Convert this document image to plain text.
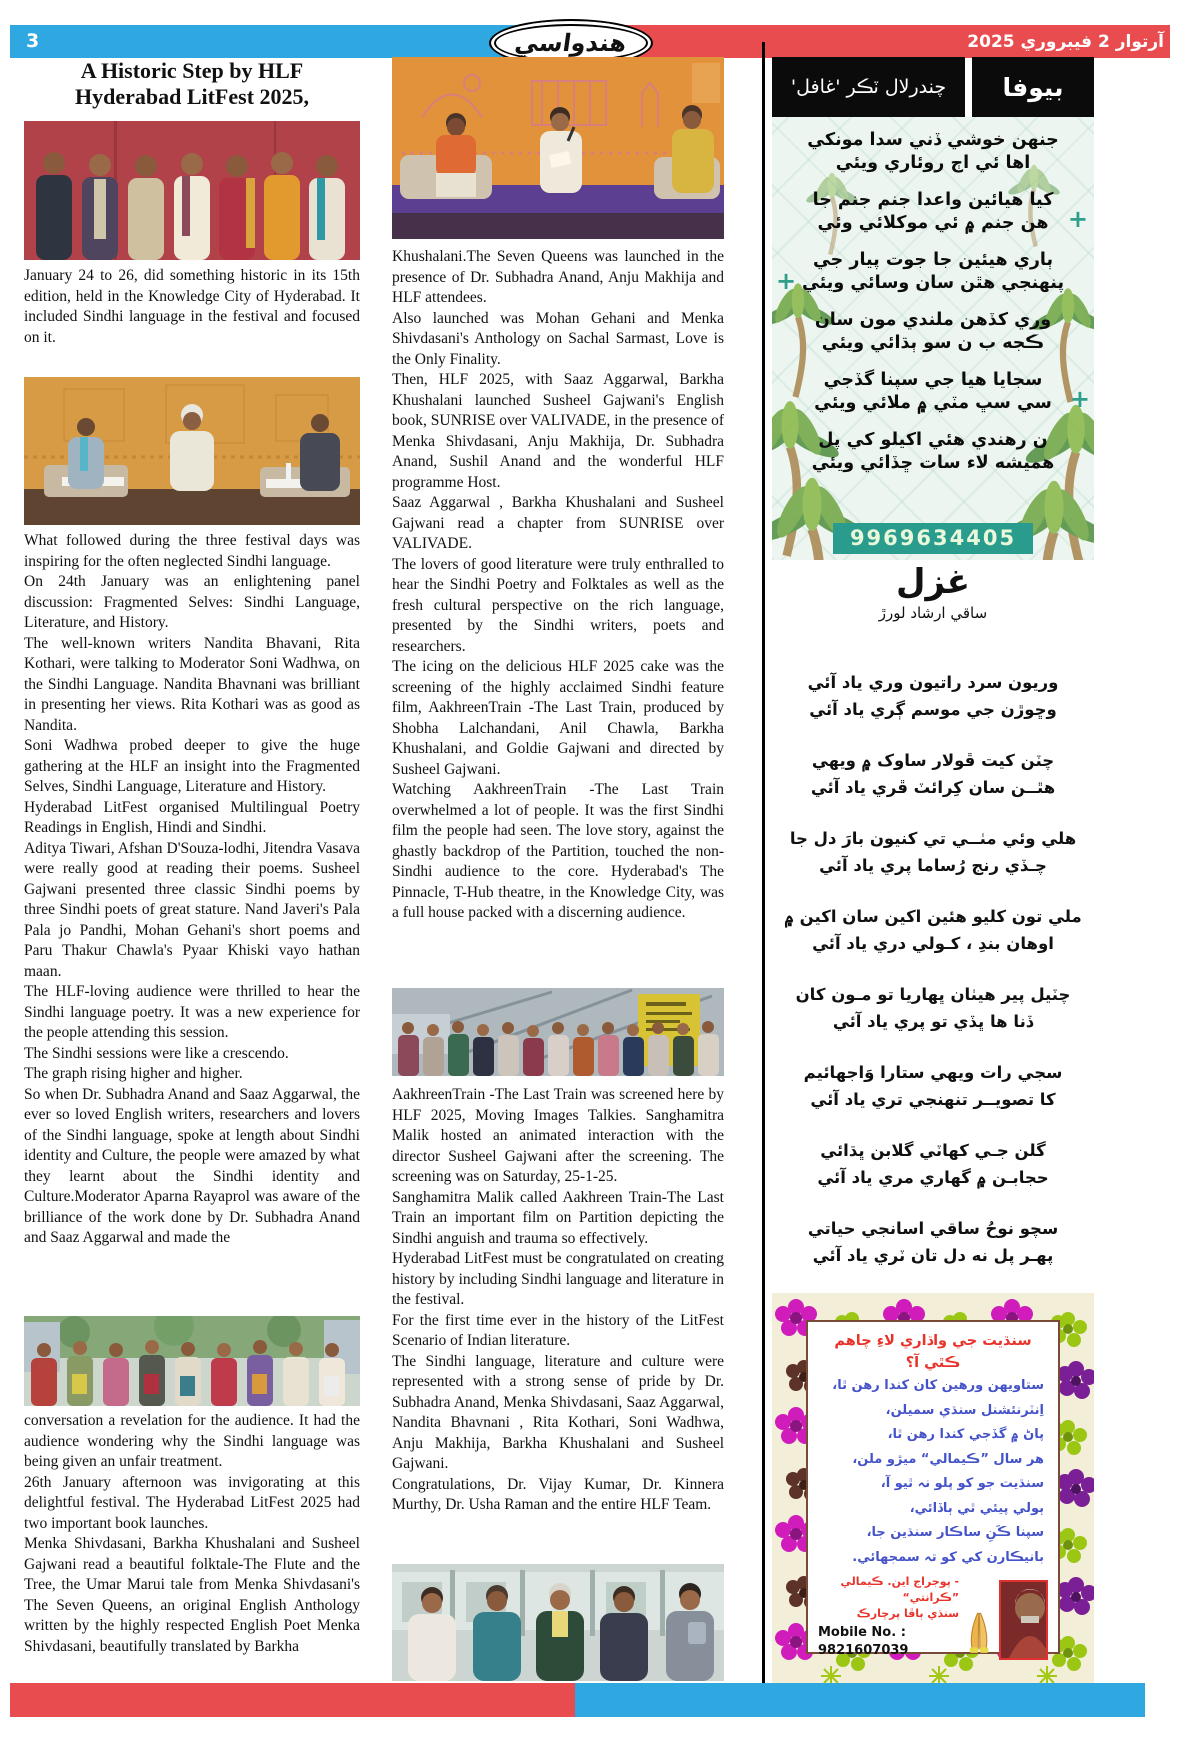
3	هندواسي	آرتوار 2 فيبروري 2025
A Historic Step by HLF
Hyderabad LitFest 2025,

January 24 to 26, did something historic in its 15th edition, held in the Knowledge City of Hyderabad. It included Sindhi language in the festival and focused on it.

What followed during the three festival days was inspiring for the often neglected Sindhi language.

On 24th January was an enlightening panel discussion: Fragmented Selves: Sindhi Language, Literature, and History.

The well-known writers Nandita Bhavani, Rita Kothari, were talking to Moderator Soni Wadhwa, on the Sindhi Language. Nandita Bhavnani was brilliant in presenting her views. Rita Kothari was as good as Nandita.

Soni Wadhwa probed deeper to give the huge gathering at the HLF an insight into the Fragmented Selves, Sindhi Language, Literature and History.

Hyderabad LitFest organised Multilingual Poetry Readings in English, Hindi and Sindhi.

Aditya Tiwari, Afshan D'Souza-lodhi, Jitendra Vasava were really good at reading their poems. Susheel Gajwani presented three classic Sindhi poems by three Sindhi poets of great stature. Nand Javeri's Pala Pala jo Pandhi, Mohan Gehani's short poems and Paru Thakur Chawla's Pyaar Khiski vayo hathan maan.

The HLF-loving audience were thrilled to hear the Sindhi language poetry. It was a new experience for the people attending this session.

The Sindhi sessions were like a crescendo.

The graph rising higher and higher.

So when Dr. Subhadra Anand and Saaz Aggarwal, the ever so loved English writers, researchers and lovers of the Sindhi language, spoke at length about Sindhi identity and Culture, the people were amazed by what they learnt about the Sindhi identity and Culture.Moderator Aparna Rayaprol was aware of the brilliance of the work done by Dr. Subhadra Anand and Saaz Aggarwal and made the

conversation a revelation for the audience. It had the audience wondering why the Sindhi language was being given an unfair treatment.

26th January afternoon was invigorating at this delightful festival. The Hyderabad LitFest 2025 had two important book launches.

Menka Shivdasani, Barkha Khushalani and Susheel Gajwani read a beautiful folktale-The Flute and the Tree, the Umar Marui tale from Menka Shivdasani's The Seven Queens, an original English Anthology written by the highly respected English Poet Menka Shivdasani, beautifully translated by Barkha

Khushalani.The Seven Queens was launched in the presence of Dr. Subhadra Anand, Anju Makhija and HLF attendees.

Also launched was Mohan Gehani and Menka Shivdasani's Anthology on Sachal Sarmast, Love is the Only Finality.

Then, HLF 2025, with Saaz Aggarwal, Barkha Khushalani launched Susheel Gajwani's English book, SUNRISE over VALIVADE, in the presence of Menka Shivdasani, Anju Makhija, Dr. Subhadra Anand, Sushil Anand and the wonderful HLF programme Host.

Saaz Aggarwal , Barkha Khushalani and Susheel Gajwani read a chapter from SUNRISE over VALIVADE.

The lovers of good literature were truly enthralled to hear the Sindhi Poetry and Folktales as well as the fresh cultural perspective on the rich language, presented by the Sindhi writers, poets and researchers.

The icing on the delicious HLF 2025 cake was the screening of the highly acclaimed Sindhi feature film, AakhreenTrain -The Last Train, produced by Shobha Lalchandani, Anil Chawla, Barkha Khushalani, and Goldie Gajwani and directed by Susheel Gajwani.

Watching AakhreenTrain -The Last Train overwhelmed a lot of people. It was the first Sindhi film the people had seen. The love story, against the ghastly backdrop of the Partition, touched the non-Sindhi audience to the core. Hyderabad's The Pinnacle, T-Hub theatre, in the Knowledge City, was a full house packed with a discerning audience.

AakhreenTrain -The Last Train was screened here by HLF 2025, Moving Images Talkies. Sanghamitra Malik hosted an animated interaction with the director Susheel Gajwani after the screening. The screening was on Saturday, 25-1-25.

Sanghamitra Malik called Aakhreen Train-The Last Train an important film on Partition depicting the Sindhi anguish and trauma so effectively.

Hyderabad LitFest must be congratulated on creating history by including Sindhi language and literature in the festival.

For the first time ever in the history of the LitFest Scenario of Indian literature.

The Sindhi language, literature and culture were represented with a strong sense of pride by Dr. Subhadra Anand, Menka Shivdasani, Saaz Aggarwal, Nandita Bhavnani , Rita Kothari, Soni Wadhwa, Anju Makhija, Barkha Khushalani and Susheel Gajwani.

Congratulations, Dr. Vijay Kumar, Dr. Kinnera Murthy, Dr. Usha Raman and the entire HLF Team.

بيوفا
چندرلال ٽڪر 'غافل'
+
+
+
جنهن خوشي ڏني سدا مونكي
اها ئي اڄ روئاري ويئي
كيا هيائين واعدا جنم جنم جا
هن جنم ۾ ئي موكلائي وئي
ٻاري هيئين جا جوت پيار جي
پنهنجي هٿن سان وسائي ويئي
وري كڏهن ملندي مون سان
ڪجه ب ن سو ٻڌائي ويئي
سجايا هيا جي سپنا گڏجي
سي سڀ مٽي ۾ ملائي ويئي
ن رهندي هئي اكيلو كي پل
هميشه لاء سات ڇڏائي ويئي
9969634405
غزل
ساقي ارشاد لورڙ
وريون سرد راتيون وري ياد آئي
وڇوڙن جي موسم ڳري ياد آئي
چٽن كيت ڦولار ساوک ۾ ويهي
هٿــن سان كِرائٽ ڦري ياد آئي
هلي وئي مٺــي تي كنيون بارَ دل جا
چـڏي رنج رُساما پري ياد آئي
ملي تون كليو هئين اكين سان اكين ۾
اوهان بندِ ، كـولي دري ياد آئي
چٽيل پير هيٺان ڀهاريا تو مـون كان
ڏنا ها ڀڏي تو پري ياد آئي
سجي رات ويهي ستارا وَاجهائيم
كا تصويــر تنهنجي تري ياد آئي
گلن جـي كهاٽي گلابن ڀڌائي
حجابـن ۾ گهاري مري ياد آئي
سچو نوحُ ساقي اسانجي حياتي
پهـر پل نه دل تان ٽري ياد آئي
سنڌيت جي واڌاري لاءِ چاهم ڪٿي آ؟
ستاويهن ورهين كان كندا رهن ٿا،
اِنٽرنئشنل سنڌي سميلن،
پاڻ ۾ گڏجي كندا رهن ٿا،
هر سال ”ڪيمالي“ ميڙو ملن،
سنڌيت جو كو پلو نہ ٿيو آ،
ٻولي پيئي ٿي ٻاڏائي،
سپنا ڪَنِ ساڪار سنڌين جا،
بانيڪارن كي كو تہ سمجهائي.
- پوجراج اين. ڪيمالي ”ڪرانتي“
سنڌي ٻاڦا پرچارڪ
Mobile No. : 9821607039
